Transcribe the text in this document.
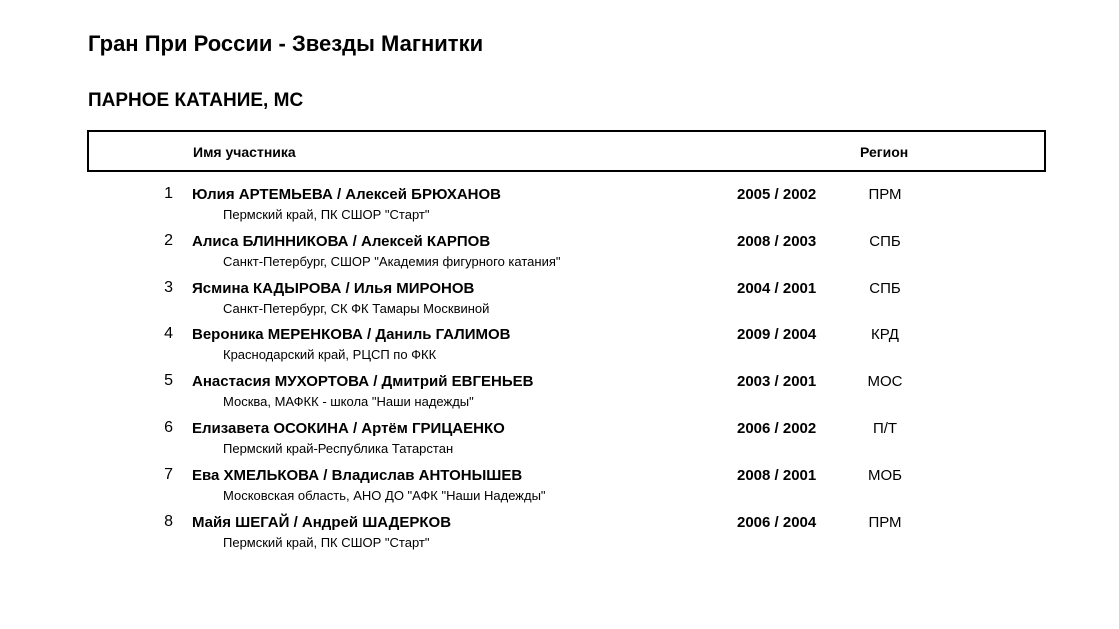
Гран При России - Звезды Магнитки
ПАРНОЕ КАТАНИЕ, МС
Имя участника	Регион
1 Юлия АРТЕМЬЕВА / Алексей БРЮХАНОВ
Пермский край, ПК СШОР "Старт"
2005 / 2002	ПРМ
2 Алиса БЛИННИКОВА / Алексей КАРПОВ
Санкт-Петербург, СШОР "Академия фигурного катания"
2008 / 2003	СПБ
3 Ясмина КАДЫРОВА / Илья МИРОНОВ
Санкт-Петербург, СК ФК Тамары Москвиной
2004 / 2001	СПБ
4 Вероника МЕРЕНКОВА / Даниль ГАЛИМОВ
Краснодарский край, РЦСП по ФКК
2009 / 2004	КРД
5 Анастасия МУХОРТОВА / Дмитрий ЕВГЕНЬЕВ
Москва, МАФКК - школа "Наши надежды"
2003 / 2001	МОС
6 Елизавета ОСОКИНА / Артём ГРИЦАЕНКО
Пермский край-Республика Татарстан
2006 / 2002	П/Т
7 Ева ХМЕЛЬКОВА / Владислав АНТОНЫШЕВ
Московская область, АНО ДО "АФК "Наши Надежды"
2008 / 2001	МОБ
8 Майя ШЕГАЙ / Андрей ШАДЕРКОВ
Пермский край, ПК СШОР "Старт"
2006 / 2004	ПРМ
